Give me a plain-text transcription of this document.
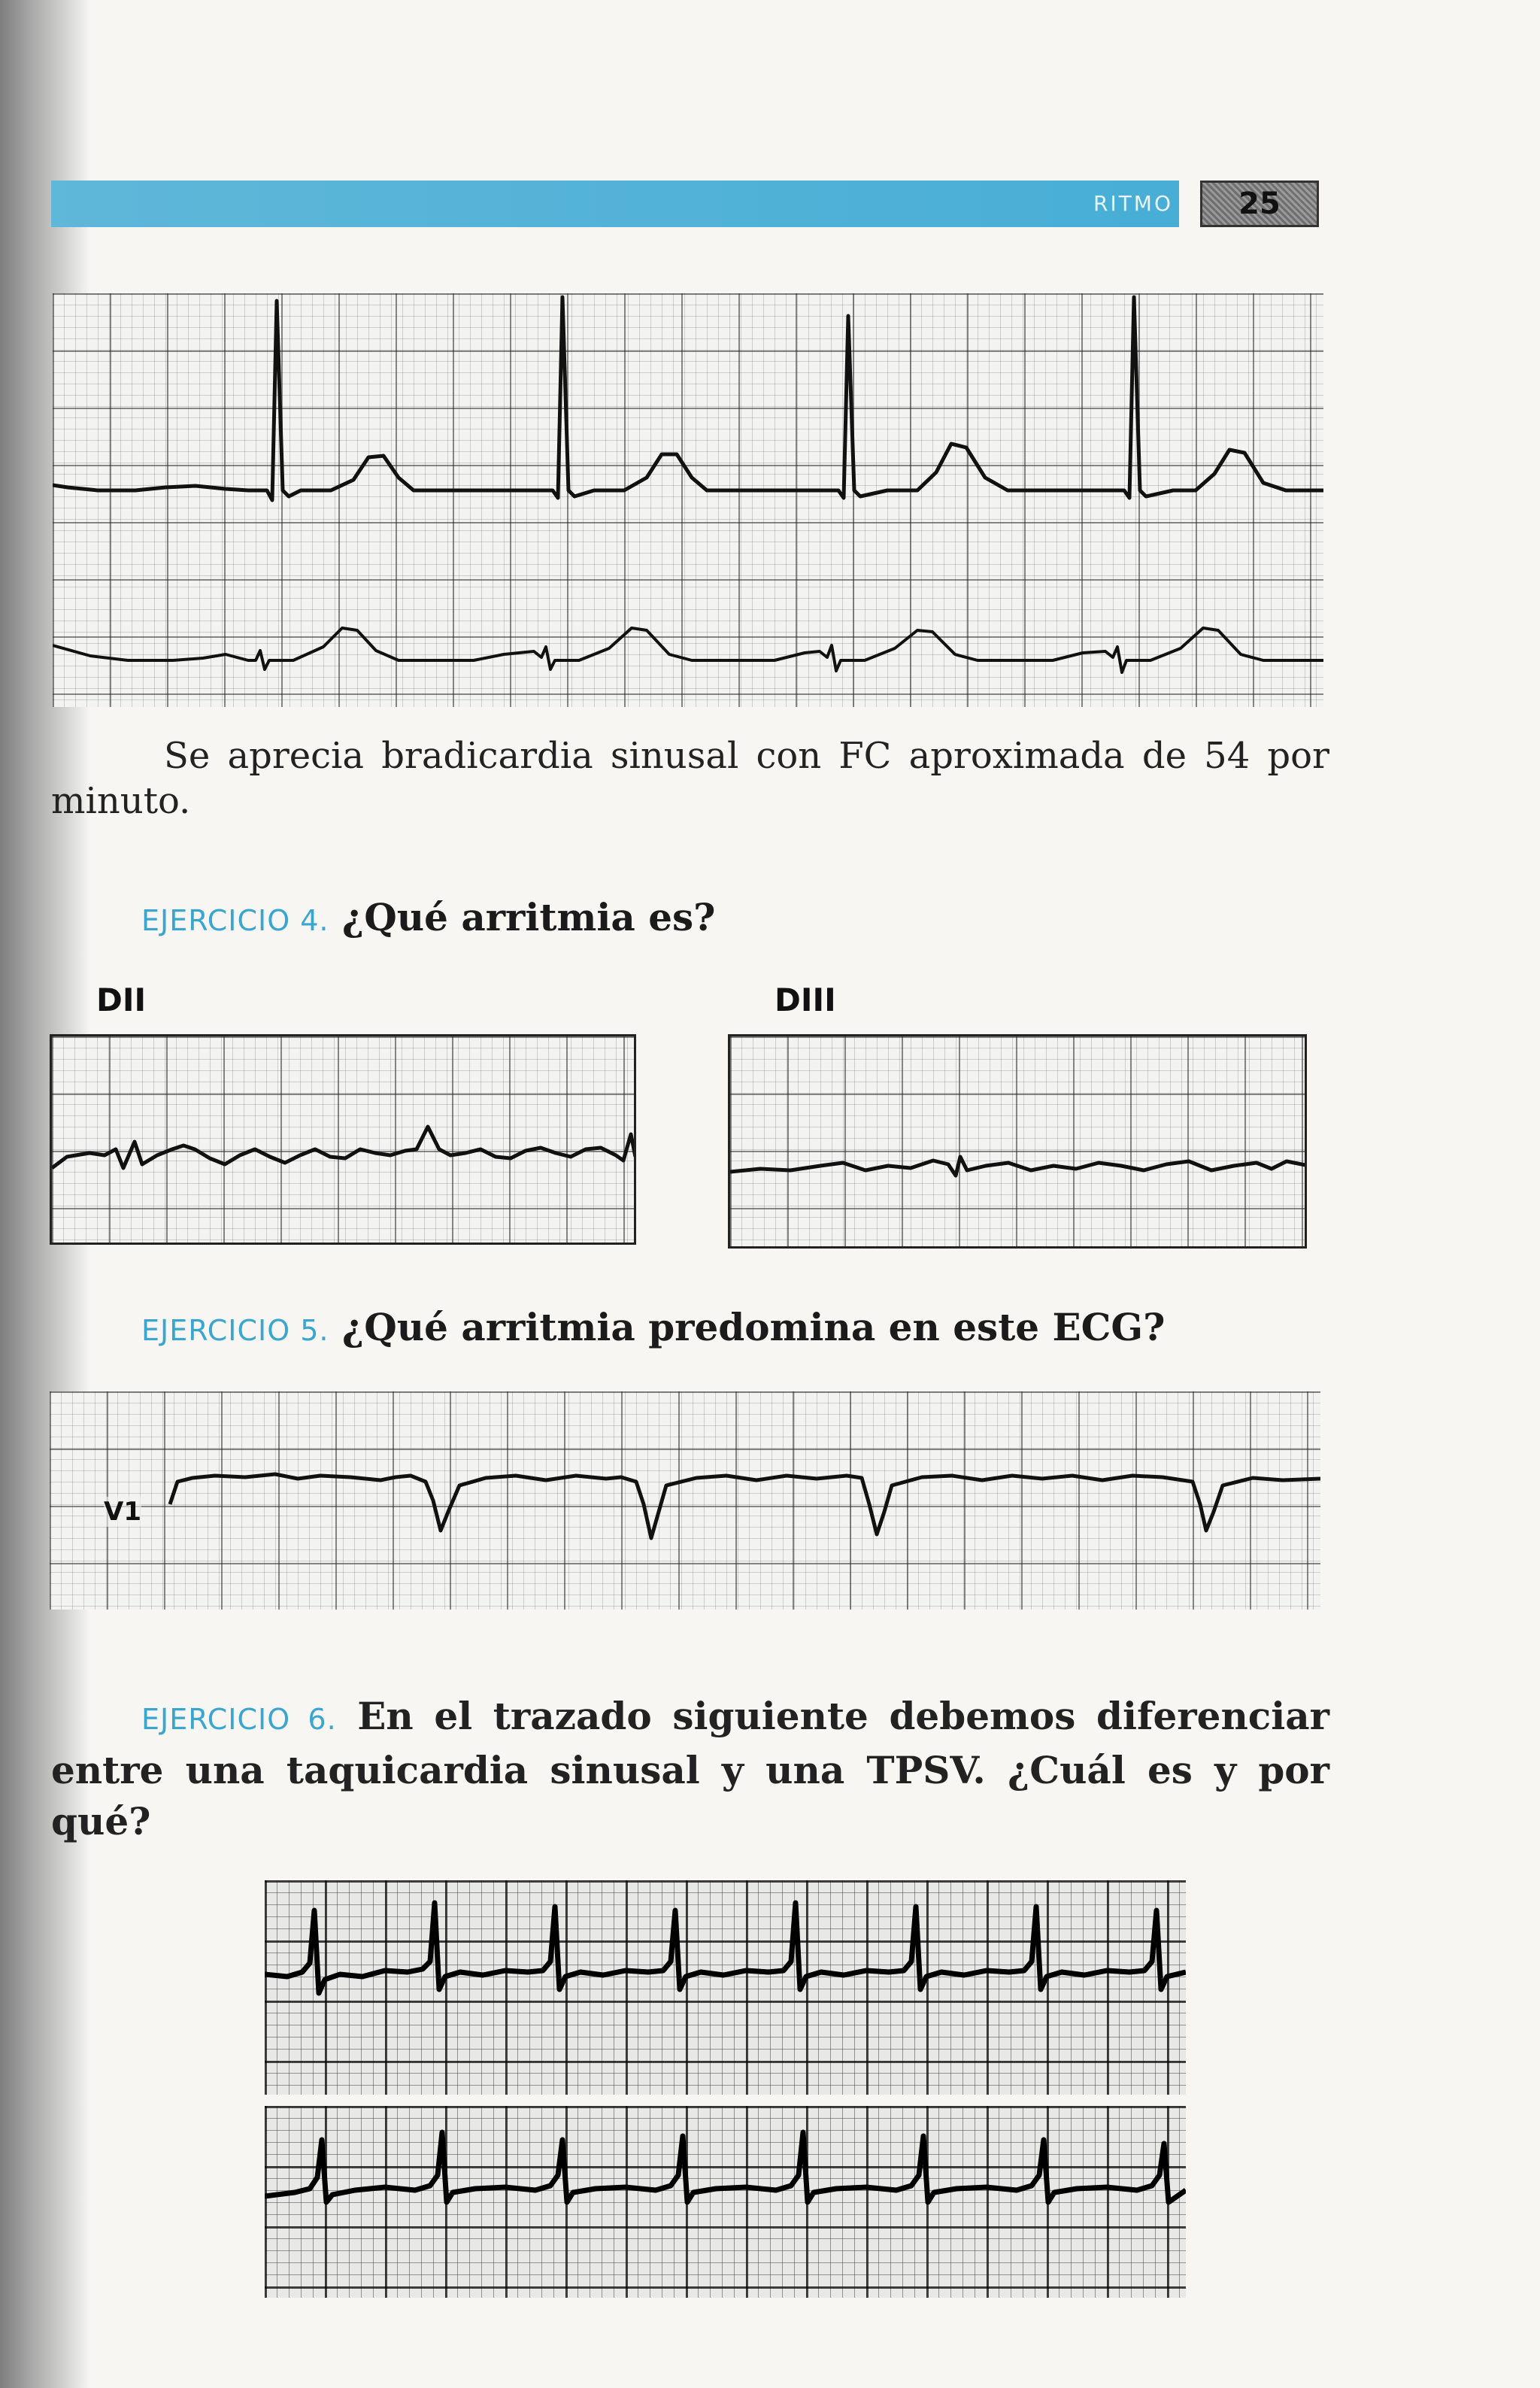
RITMO	25
Se aprecia bradicardia sinusal con FC aproximada de 54 por minuto.
EJERCICIO 4. ¿Qué arritmia es?
DII	DIII
EJERCICIO 5. ¿Qué arritmia predomina en este ECG?
V1
EJERCICIO 6. En el trazado siguiente debemos diferenciar entre una taquicardia sinusal y una TPSV. ¿Cuál es y por qué?
